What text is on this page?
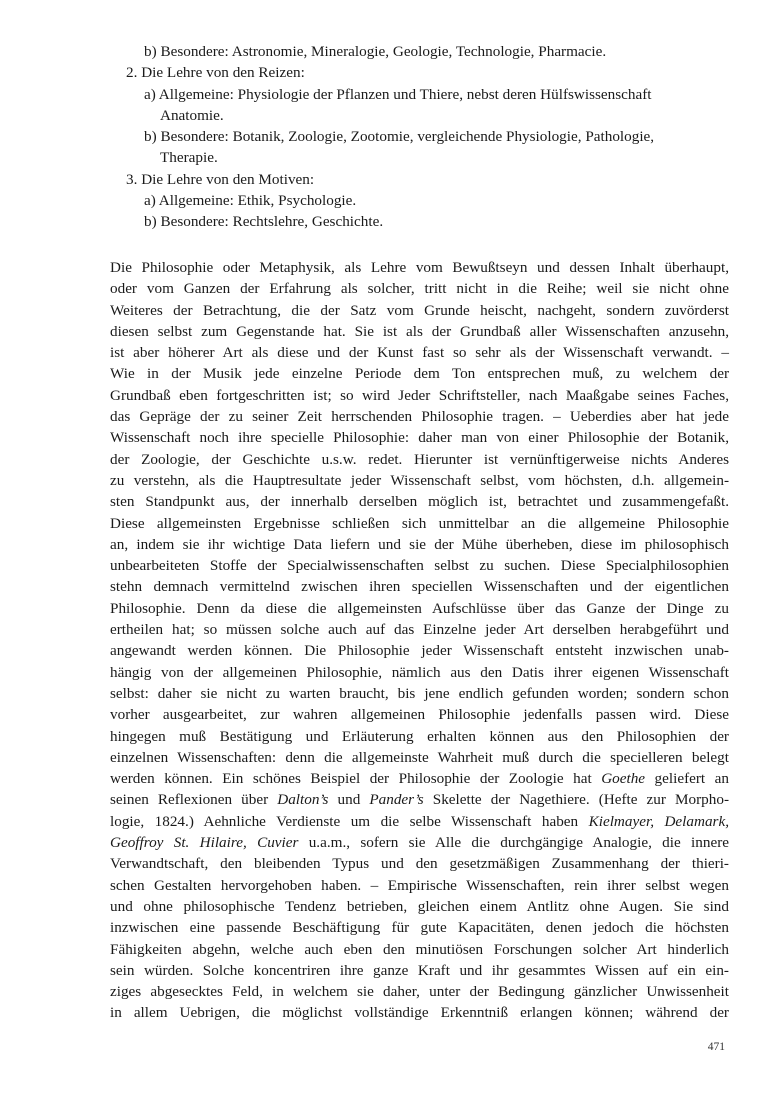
b) Besondere: Astronomie, Mineralogie, Geologie, Technologie, Pharmacie.
2. Die Lehre von den Reizen:
a) Allgemeine: Physiologie der Pflanzen und Thiere, nebst deren Hülfswissenschaft
Anatomie.
b) Besondere: Botanik, Zoologie, Zootomie, vergleichende Physiologie, Pathologie,
Therapie.
3. Die Lehre von den Motiven:
a) Allgemeine: Ethik, Psychologie.
b) Besondere: Rechtslehre, Geschichte.
Die Philosophie oder Metaphysik, als Lehre vom Bewußtseyn und dessen Inhalt überhaupt,
oder vom Ganzen der Erfahrung als solcher, tritt nicht in die Reihe; weil sie nicht ohne
Weiteres der Betrachtung, die der Satz vom Grunde heischt, nachgeht, sondern zuvörderst
diesen selbst zum Gegenstande hat. Sie ist als der Grundbaß aller Wissenschaften anzusehn,
ist aber höherer Art als diese und der Kunst fast so sehr als der Wissenschaft verwandt. –
Wie in der Musik jede einzelne Periode dem Ton entsprechen muß, zu welchem der
Grundbaß eben fortgeschritten ist; so wird Jeder Schriftsteller, nach Maaßgabe seines Faches,
das Gepräge der zu seiner Zeit herrschenden Philosophie tragen. – Ueberdies aber hat jede
Wissenschaft noch ihre specielle Philosophie: daher man von einer Philosophie der Botanik,
der Zoologie, der Geschichte u.s.w. redet. Hierunter ist vernünftigerweise nichts Anderes
zu verstehn, als die Hauptresultate jeder Wissenschaft selbst, vom höchsten, d.h. allgemein-
sten Standpunkt aus, der innerhalb derselben möglich ist, betrachtet und zusammengefaßt.
Diese allgemeinsten Ergebnisse schließen sich unmittelbar an die allgemeine Philosophie
an, indem sie ihr wichtige Data liefern und sie der Mühe überheben, diese im philosophisch
unbearbeiteten Stoffe der Specialwissenschaften selbst zu suchen. Diese Specialphilosophien
stehn demnach vermittelnd zwischen ihren speciellen Wissenschaften und der eigentlichen
Philosophie. Denn da diese die allgemeinsten Aufschlüsse über das Ganze der Dinge zu
ertheilen hat; so müssen solche auch auf das Einzelne jeder Art derselben herabgeführt und
angewandt werden können. Die Philosophie jeder Wissenschaft entsteht inzwischen unab-
hängig von der allgemeinen Philosophie, nämlich aus den Datis ihrer eigenen Wissenschaft
selbst: daher sie nicht zu warten braucht, bis jene endlich gefunden worden; sondern schon
vorher ausgearbeitet, zur wahren allgemeinen Philosophie jedenfalls passen wird. Diese
hingegen muß Bestätigung und Erläuterung erhalten können aus den Philosophien der
einzelnen Wissenschaften: denn die allgemeinste Wahrheit muß durch die specielleren belegt
werden können. Ein schönes Beispiel der Philosophie der Zoologie hat Goethe geliefert an
seinen Reflexionen über Dalton’s und Pander’s Skelette der Nagethiere. (Hefte zur Morpho-
logie, 1824.) Aehnliche Verdienste um die selbe Wissenschaft haben Kielmayer, Delamark,
Geoffroy St. Hilaire, Cuvier u.a.m., sofern sie Alle die durchgängige Analogie, die innere
Verwandtschaft, den bleibenden Typus und den gesetzmäßigen Zusammenhang der thieri-
schen Gestalten hervorgehoben haben. – Empirische Wissenschaften, rein ihrer selbst wegen
und ohne philosophische Tendenz betrieben, gleichen einem Antlitz ohne Augen. Sie sind
inzwischen eine passende Beschäftigung für gute Kapacitäten, denen jedoch die höchsten
Fähigkeiten abgehn, welche auch eben den minutiösen Forschungen solcher Art hinderlich
sein würden. Solche koncentriren ihre ganze Kraft und ihr gesammtes Wissen auf ein ein-
ziges abgesecktes Feld, in welchem sie daher, unter der Bedingung gänzlicher Unwissenheit
in allem Uebrigen, die möglichst vollständige Erkenntniß erlangen können; während der
471
